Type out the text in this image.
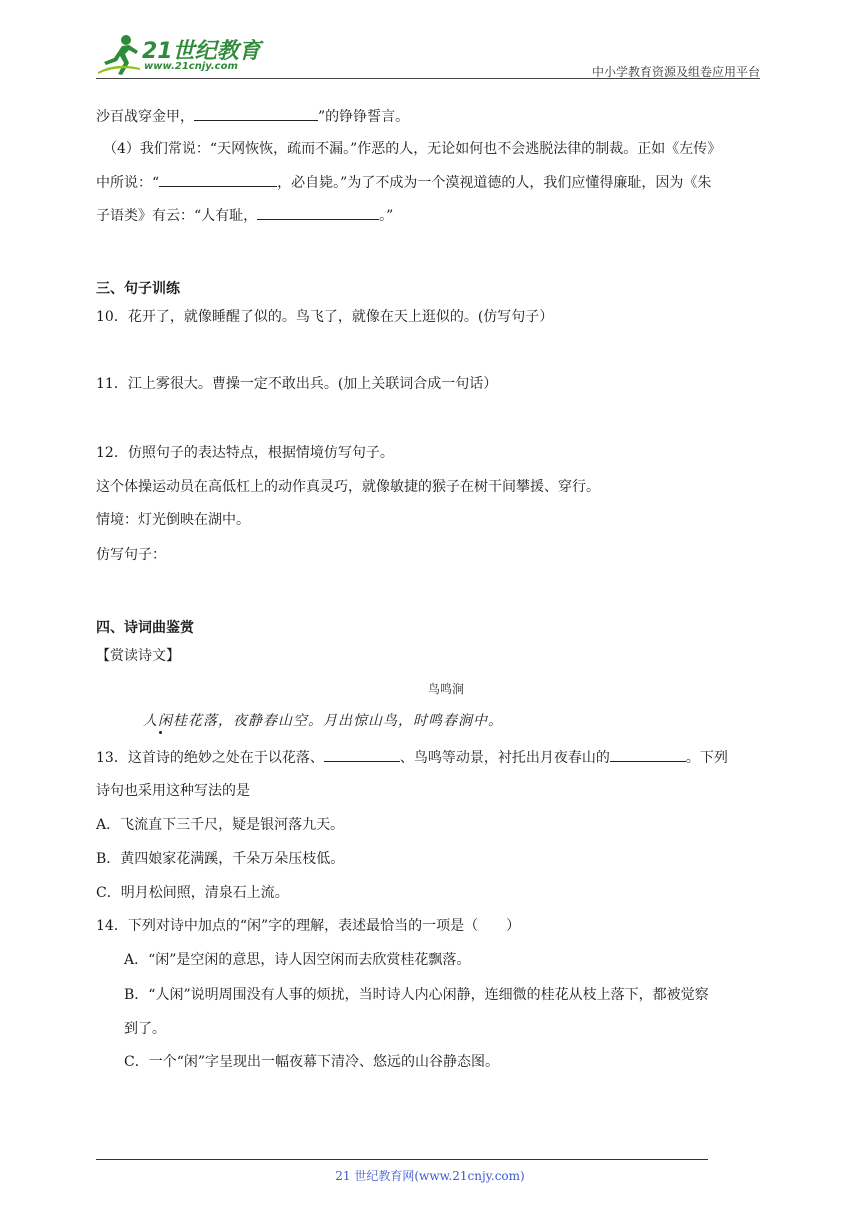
21世纪教育
www.21cnjy.com	中小学教育资源及组卷应用平台
沙百战穿金甲，	”的铮铮誓言。
（4）我们常说：“天网恢恢，疏而不漏。”作恶的人，无论如何也不会逃脱法律的制裁。正如《左传》
中所说：“	，必自毙。”为了不成为一个漠视道德的人，我们应懂得廉耻，因为《朱
子语类》有云：“人有耻，	。”
三、句子训练
10．花开了，就像睡醒了似的。鸟飞了，就像在天上逛似的。(仿写句子）
11．江上雾很大。曹操一定不敢出兵。(加上关联词合成一句话）
12．仿照句子的表达特点，根据情境仿写句子。
这个体操运动员在高低杠上的动作真灵巧，就像敏捷的猴子在树干间攀援、穿行。
情境：灯光倒映在湖中。
仿写句子：
四、诗词曲鉴赏
【赏读诗文】
鸟鸣涧
人闲桂花落，夜静春山空。月出惊山鸟，时鸣春涧中。
13．这首诗的绝妙之处在于以花落、	、鸟鸣等动景，衬托出月夜春山的	。下列
诗句也采用这种写法的是
A．飞流直下三千尺，疑是银河落九天。
B．黄四娘家花满蹊，千朵万朵压枝低。
C．明月松间照，清泉石上流。
14．下列对诗中加点的“闲”字的理解，表述最恰当的一项是（　　）
A．“闲”是空闲的意思，诗人因空闲而去欣赏桂花飘落。
B．“人闲”说明周围没有人事的烦扰，当时诗人内心闲静，连细微的桂花从枝上落下，都被觉察
到了。
C．一个“闲”字呈现出一幅夜幕下清冷、悠远的山谷静态图。
21 世纪教育网(www.21cnjy.com)
